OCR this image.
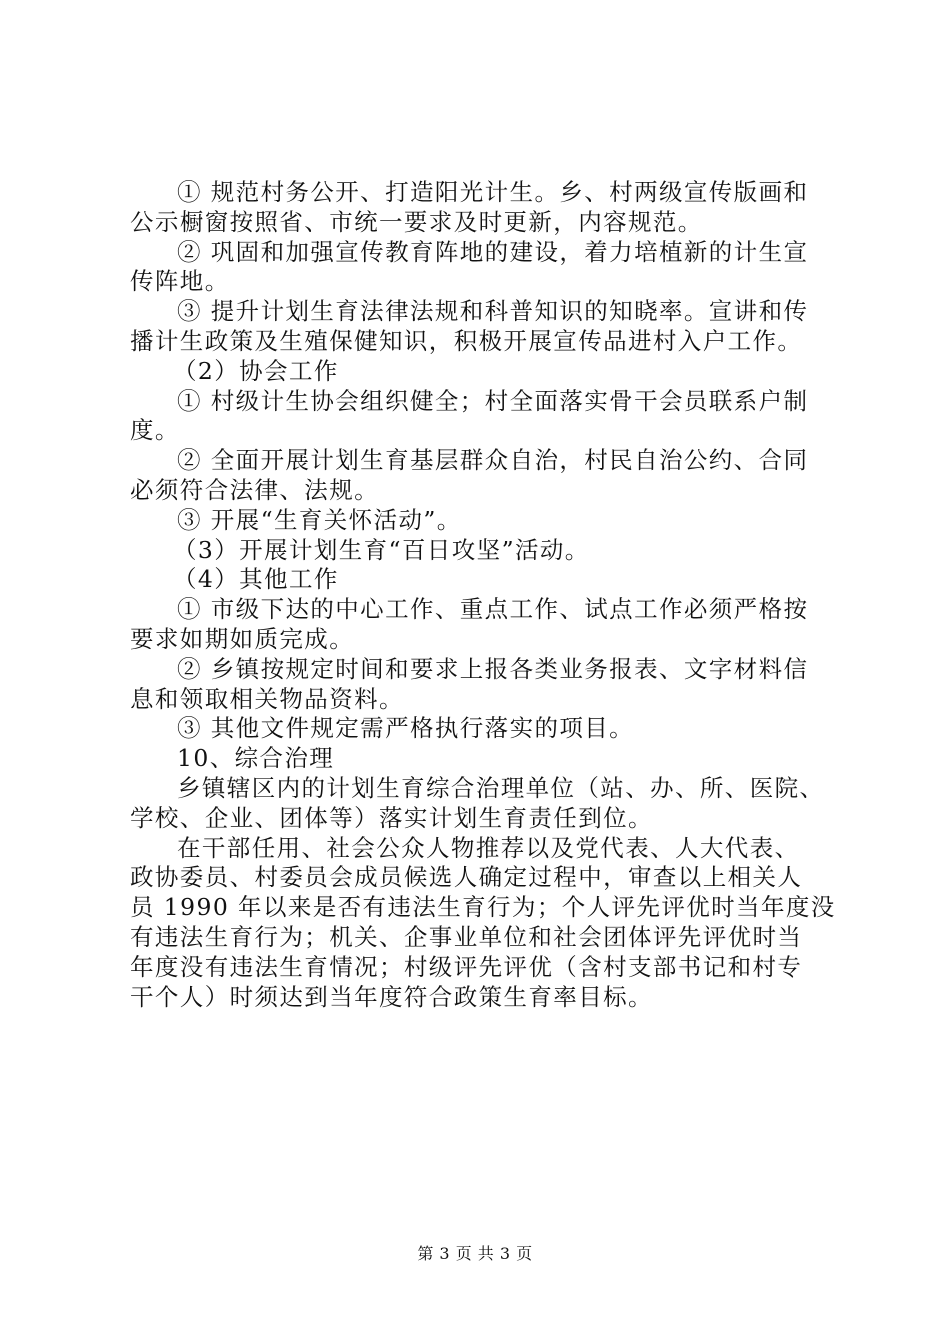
① 规范村务公开、打造阳光计生。乡、村两级宣传版画和
公示橱窗按照省、市统一要求及时更新，内容规范。
② 巩固和加强宣传教育阵地的建设，着力培植新的计生宣
传阵地。
③ 提升计划生育法律法规和科普知识的知晓率。宣讲和传
播计生政策及生殖保健知识，积极开展宣传品进村入户工作。
（2）协会工作
① 村级计生协会组织健全；村全面落实骨干会员联系户制
度。
② 全面开展计划生育基层群众自治，村民自治公约、合同
必须符合法律、法规。
③ 开展“生育关怀活动”。
（3）开展计划生育“百日攻坚”活动。
（4）其他工作
① 市级下达的中心工作、重点工作、试点工作必须严格按
要求如期如质完成。
② 乡镇按规定时间和要求上报各类业务报表、文字材料信
息和领取相关物品资料。
③ 其他文件规定需严格执行落实的项目。
10、综合治理
乡镇辖区内的计划生育综合治理单位（站、办、所、医院、
学校、企业、团体等）落实计划生育责任到位。
在干部任用、社会公众人物推荐以及党代表、人大代表、
政协委员、村委员会成员候选人确定过程中，审查以上相关人
员 1990 年以来是否有违法生育行为；个人评先评优时当年度没
有违法生育行为；机关、企事业单位和社会团体评先评优时当
年度没有违法生育情况；村级评先评优（含村支部书记和村专
干个人）时须达到当年度符合政策生育率目标。
第 3 页 共 3 页
